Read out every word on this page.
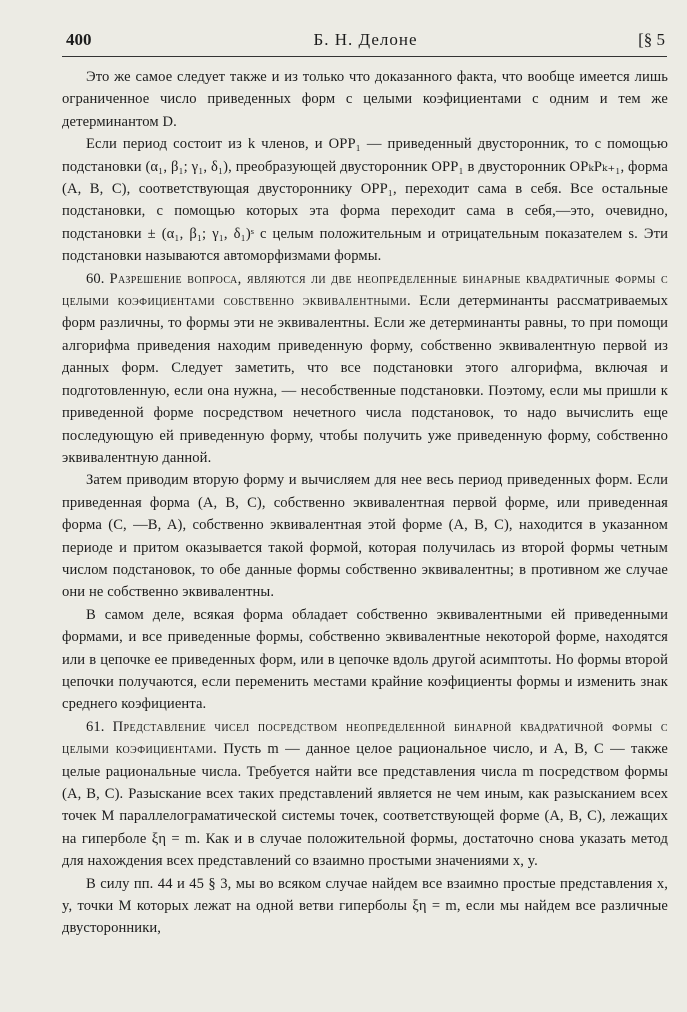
400	Б. Н. Делоне	[§ 5

Это же самое следует также и из только что доказанного факта, что вообще имеется лишь ограниченное число приведенных форм с целыми коэфициентами с одним и тем же детерминантом D.

Если период состоит из k членов, и OPP₁ — приведенный двусторонник, то с помощью подстановки (α₁, β₁; γ₁, δ₁), преобразующей двусторонник OPP₁ в двусторонник OPₖPₖ₊₁, форма (A, B, C), соответствующая двустороннику OPP₁, переходит сама в себя. Все остальные подстановки, с помощью которых эта форма переходит сама в себя,—это, очевидно, подстановки ± (α₁, β₁; γ₁, δ₁)ˢ с целым положительным и отрицательным показателем s. Эти подстановки называются автоморфизмами формы.

60. Разрешение вопроса, являются ли две неопределенные бинарные квадратичные формы с целыми коэфициентами собственно эквивалентными. Если детерминанты рассматриваемых форм различны, то формы эти не эквивалентны. Если же детерминанты равны, то при помощи алгорифма приведения находим приведенную форму, собственно эквивалентную первой из данных форм. Следует заметить, что все подстановки этого алгорифма, включая и подготовленную, если она нужна, — несобственные подстановки. Поэтому, если мы пришли к приведенной форме посредством нечетного числа подстановок, то надо вычислить еще последующую ей приведенную форму, чтобы получить уже приведенную форму, собственно эквивалентную данной.

Затем приводим вторую форму и вычисляем для нее весь период приведенных форм. Если приведенная форма (A, B, C), собственно эквивалентная первой форме, или приведенная форма (C, —B, A), собственно эквивалентная этой форме (A, B, C), находится в указанном периоде и притом оказывается такой формой, которая получилась из второй формы четным числом подстановок, то обе данные формы собственно эквивалентны; в противном же случае они не собственно эквивалентны.

В самом деле, всякая форма обладает собственно эквивалентными ей приведенными формами, и все приведенные формы, собственно эквивалентные некоторой форме, находятся или в цепочке ее приведенных форм, или в цепочке вдоль другой асимптоты. Но формы второй цепочки получаются, если переменить местами крайние коэфициенты формы и изменить знак среднего коэфициента.

61. Представление чисел посредством неопределенной бинарной квадратичной формы с целыми коэфициентами. Пусть m — данное целое рациональное число, и A, B, C — также целые рациональные числа. Требуется найти все представления числа m посредством формы (A, B, C). Разыскание всех таких представлений является не чем иным, как разысканием всех точек M параллелограматической системы точек, соответствующей форме (A, B, C), лежащих на гиперболе ξη = m. Как и в случае положительной формы, достаточно снова указать метод для нахождения всех представлений со взаимно простыми значениями x, y.

В силу пп. 44 и 45 § 3, мы во всяком случае найдем все взаимно простые представления x, y, точки M которых лежат на одной ветви гиперболы ξη = m, если мы найдем все различные двусторонники,
